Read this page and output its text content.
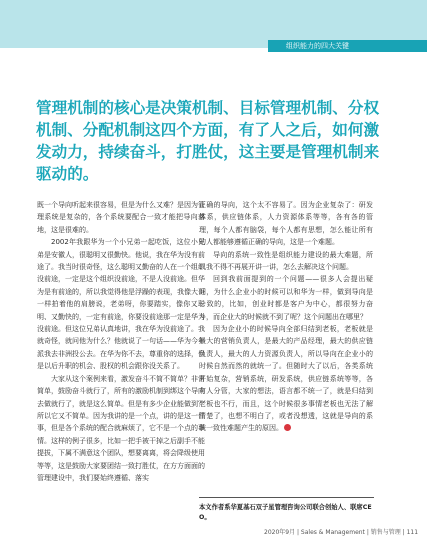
组织能力的四大关键
管理机制的核心是决策机制、目标管理机制、分权机制、分配机制这四个方面，有了人之后，如何激发动力，持续奋斗，打胜仗，这主要是管理机制来驱动的。

既一个导向听起来很容易，但是为什么又难？是因为管理系统是复杂的，各个系统要配合一致才能把导向落地，这是很难的。

2002年我跟华为一个小兄弟一起吃饭，这位小兄弟是安徽人，很聪明又很勤快。他说，我在华为没有前途了。我当时很奇怪，这么聪明又勤奋的人在一个组织没前途，一定是这个组织没前途，不是人没前途。但华为是有前途的，所以我觉得他是浮躁的表现，我像大哥一样拍着他的肩膀说，老弟呀，你要踏实，像你又聪明、又勤快的，一定有前途，你要没前途那一定是华为没前途。但这位兄弟认真地讲，我在华为没前途了。我就奇怪，就问他为什么？他就说了一句话——华为今年派我去非洲投公去。在华为你不去，尊重你的选择，但是以后升职的机会、股权的机会跟你没关系了。

大家从这个案例来看，激发奋斗不简不简单？非常简单，鼓励奋斗就行了，所有的激励机制到绑这个导向去做就行了，就是这么简单。但是有多少企业能做到？所以它又不简单。因为我讲的是一个点，讲的是这一件事，但是各个系统的配合就麻烦了，它不是一个点的事情。这样的例子很多，比如一把手被干掉之后副手不能提拔，下属不满意这个团队，想要离离，将会降级使用等等，这是鼓励大家要团结一致打胜仗，在方方面面的管理建设中，我们要始终遵循、落实

正确的导向，这个太不容易了。因为企业复杂了：研发体系，供应链体系，人力资源体系等等，各有各的管理，每个人都有脑袋，每个人都有思想，怎么能让所有的人都能够遵循正确的导向，这是一个难题。

导向的系统一致性是组织能力建设的最大难题，所以我不得不再展开讲一讲，怎么去解决这个问题。

回到我前面提到的一个问题——很多人会提出疑问，为什么企业小的时候可以和华为一样，做到导向是一致的，比如，创业时都是客户为中心，都很努力奋斗，而企业大的时候就不到了呢？这个问题出在哪里？

因为企业小的时候导向全部归结到老板，老板就是最大的营销负责人，是最大的产品经理，最大的供应链负责人，最大的人力资源负责人，所以导向在企业小的时候自然而然的就统一了。但随时大了以后，各类系统开始复杂，营销系统，研发系统，供应链系统等等，各有人分管，大家的想法，语言都不统一了，就是归结到老板也不行，而且，这个时候很多事情老板也无法了解清楚了，也想不明白了，或者没想透，这就是导向的系统一致性难题产生的原因。

本文作者系华夏基石双子星管理咨询公司联合创始人、联席CEO。
2020年9月 | Sales & Management | 销售与管理 | 111
